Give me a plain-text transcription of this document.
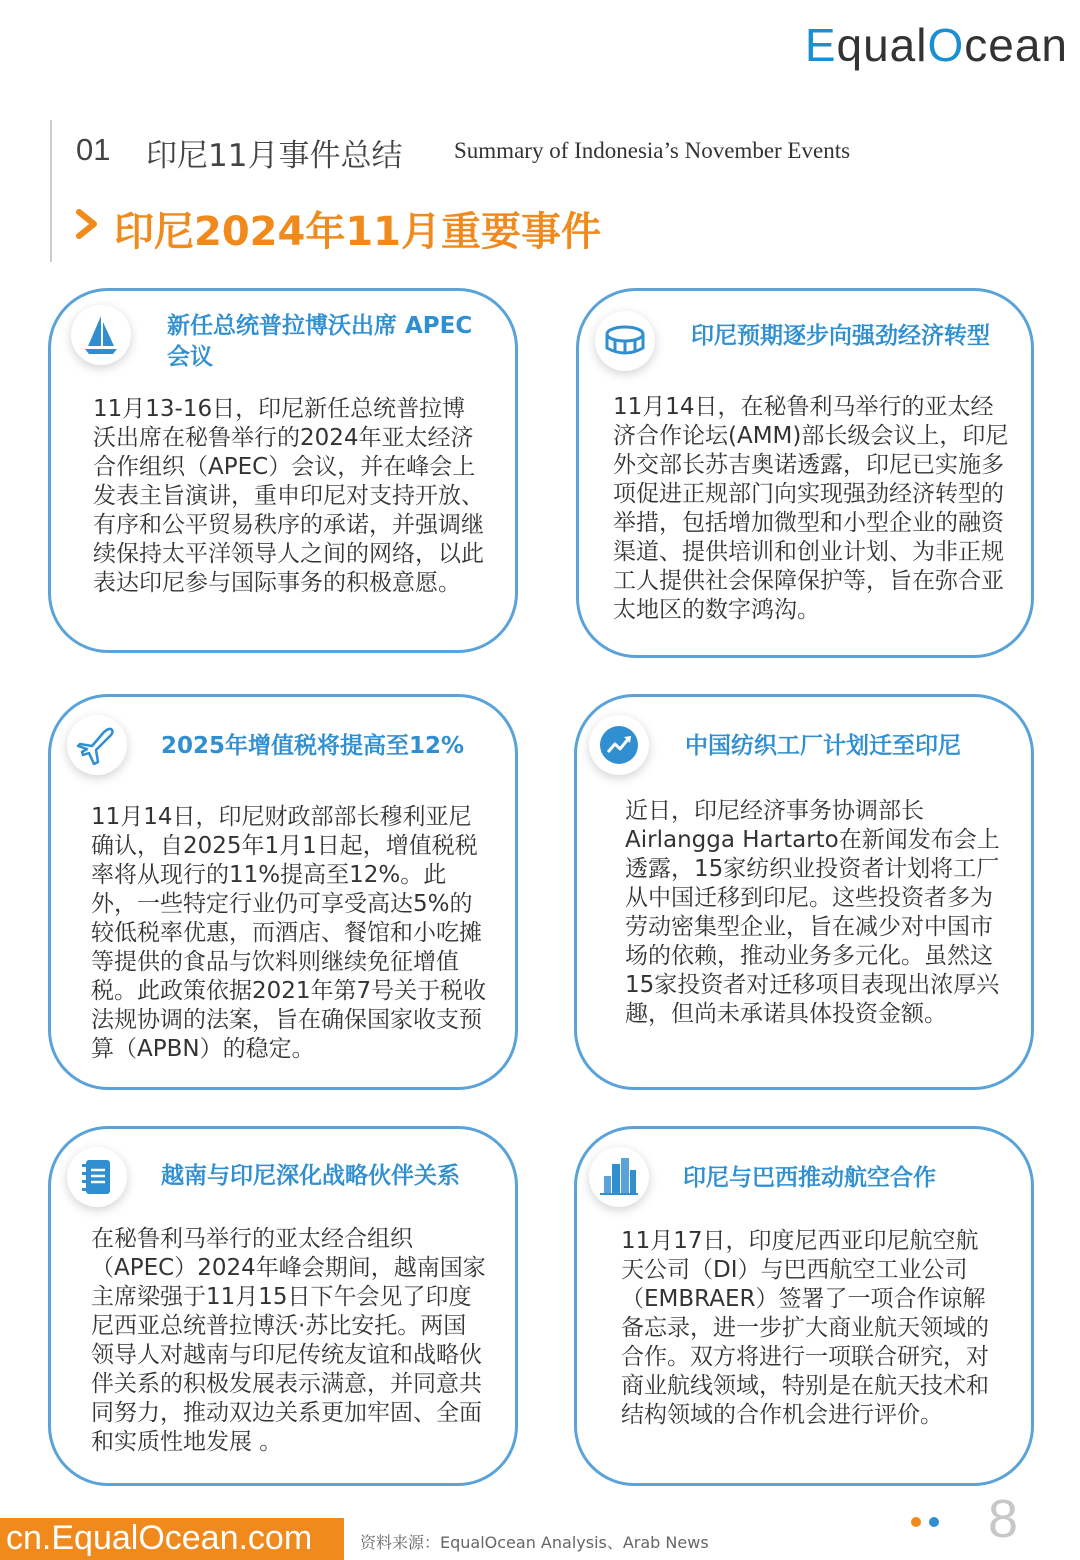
EqualOcean
01 印尼11月事件总结 Summary of Indonesia’s November Events
印尼2024年11月重要事件
新任总统普拉博沃出席 APEC 会议
11月13-16日，印尼新任总统普拉博沃出席在秘鲁举行的2024年亚太经济合作组织（APEC）会议，并在峰会上发表主旨演讲，重申印尼对支持开放、有序和公平贸易秩序的承诺，并强调继续保持太平洋领导人之间的网络，以此表达印尼参与国际事务的积极意愿。
印尼预期逐步向强劲经济转型
11月14日，在秘鲁利马举行的亚太经济合作论坛(AMM)部长级会议上，印尼外交部长苏吉奥诺透露，印尼已实施多项促进正规部门向实现强劲经济转型的举措，包括增加微型和小型企业的融资渠道、提供培训和创业计划、为非正规工人提供社会保障保护等，旨在弥合亚太地区的数字鸿沟。
2025年增值税将提高至12%
11月14日，印尼财政部部长穆利亚尼确认，自2025年1月1日起，增值税税率将从现行的11%提高至12%。此外，一些特定行业仍可享受高达5%的较低税率优惠，而酒店、餐馆和小吃摊等提供的食品与饮料则继续免征增值税。此政策依据2021年第7号关于税收法规协调的法案，旨在确保国家收支预算（APBN）的稳定。
中国纺织工厂计划迁至印尼
近日，印尼经济事务协调部长Airlangga Hartarto在新闻发布会上透露，15家纺织业投资者计划将工厂从中国迁移到印尼。这些投资者多为劳动密集型企业，旨在减少对中国市场的依赖，推动业务多元化。虽然这15家投资者对迁移项目表现出浓厚兴趣，但尚未承诺具体投资金额。
越南与印尼深化战略伙伴关系
在秘鲁利马举行的亚太经合组织（APEC）2024年峰会期间，越南国家主席梁强于11月15日下午会见了印度尼西亚总统普拉博沃·苏比安托。两国领导人对越南与印尼传统友谊和战略伙伴关系的积极发展表示满意，并同意共同努力，推动双边关系更加牢固、全面和实质性地发展 。
印尼与巴西推动航空合作
11月17日，印度尼西亚印尼航空航天公司（DI）与巴西航空工业公司（EMBRAER）签署了一项合作谅解备忘录，进一步扩大商业航天领域的合作。双方将进行一项联合研究，对商业航线领域，特别是在航天技术和结构领域的合作机会进行评价。
8
cn.EqualOcean.com	资料来源：EqualOcean Analysis、Arab News
